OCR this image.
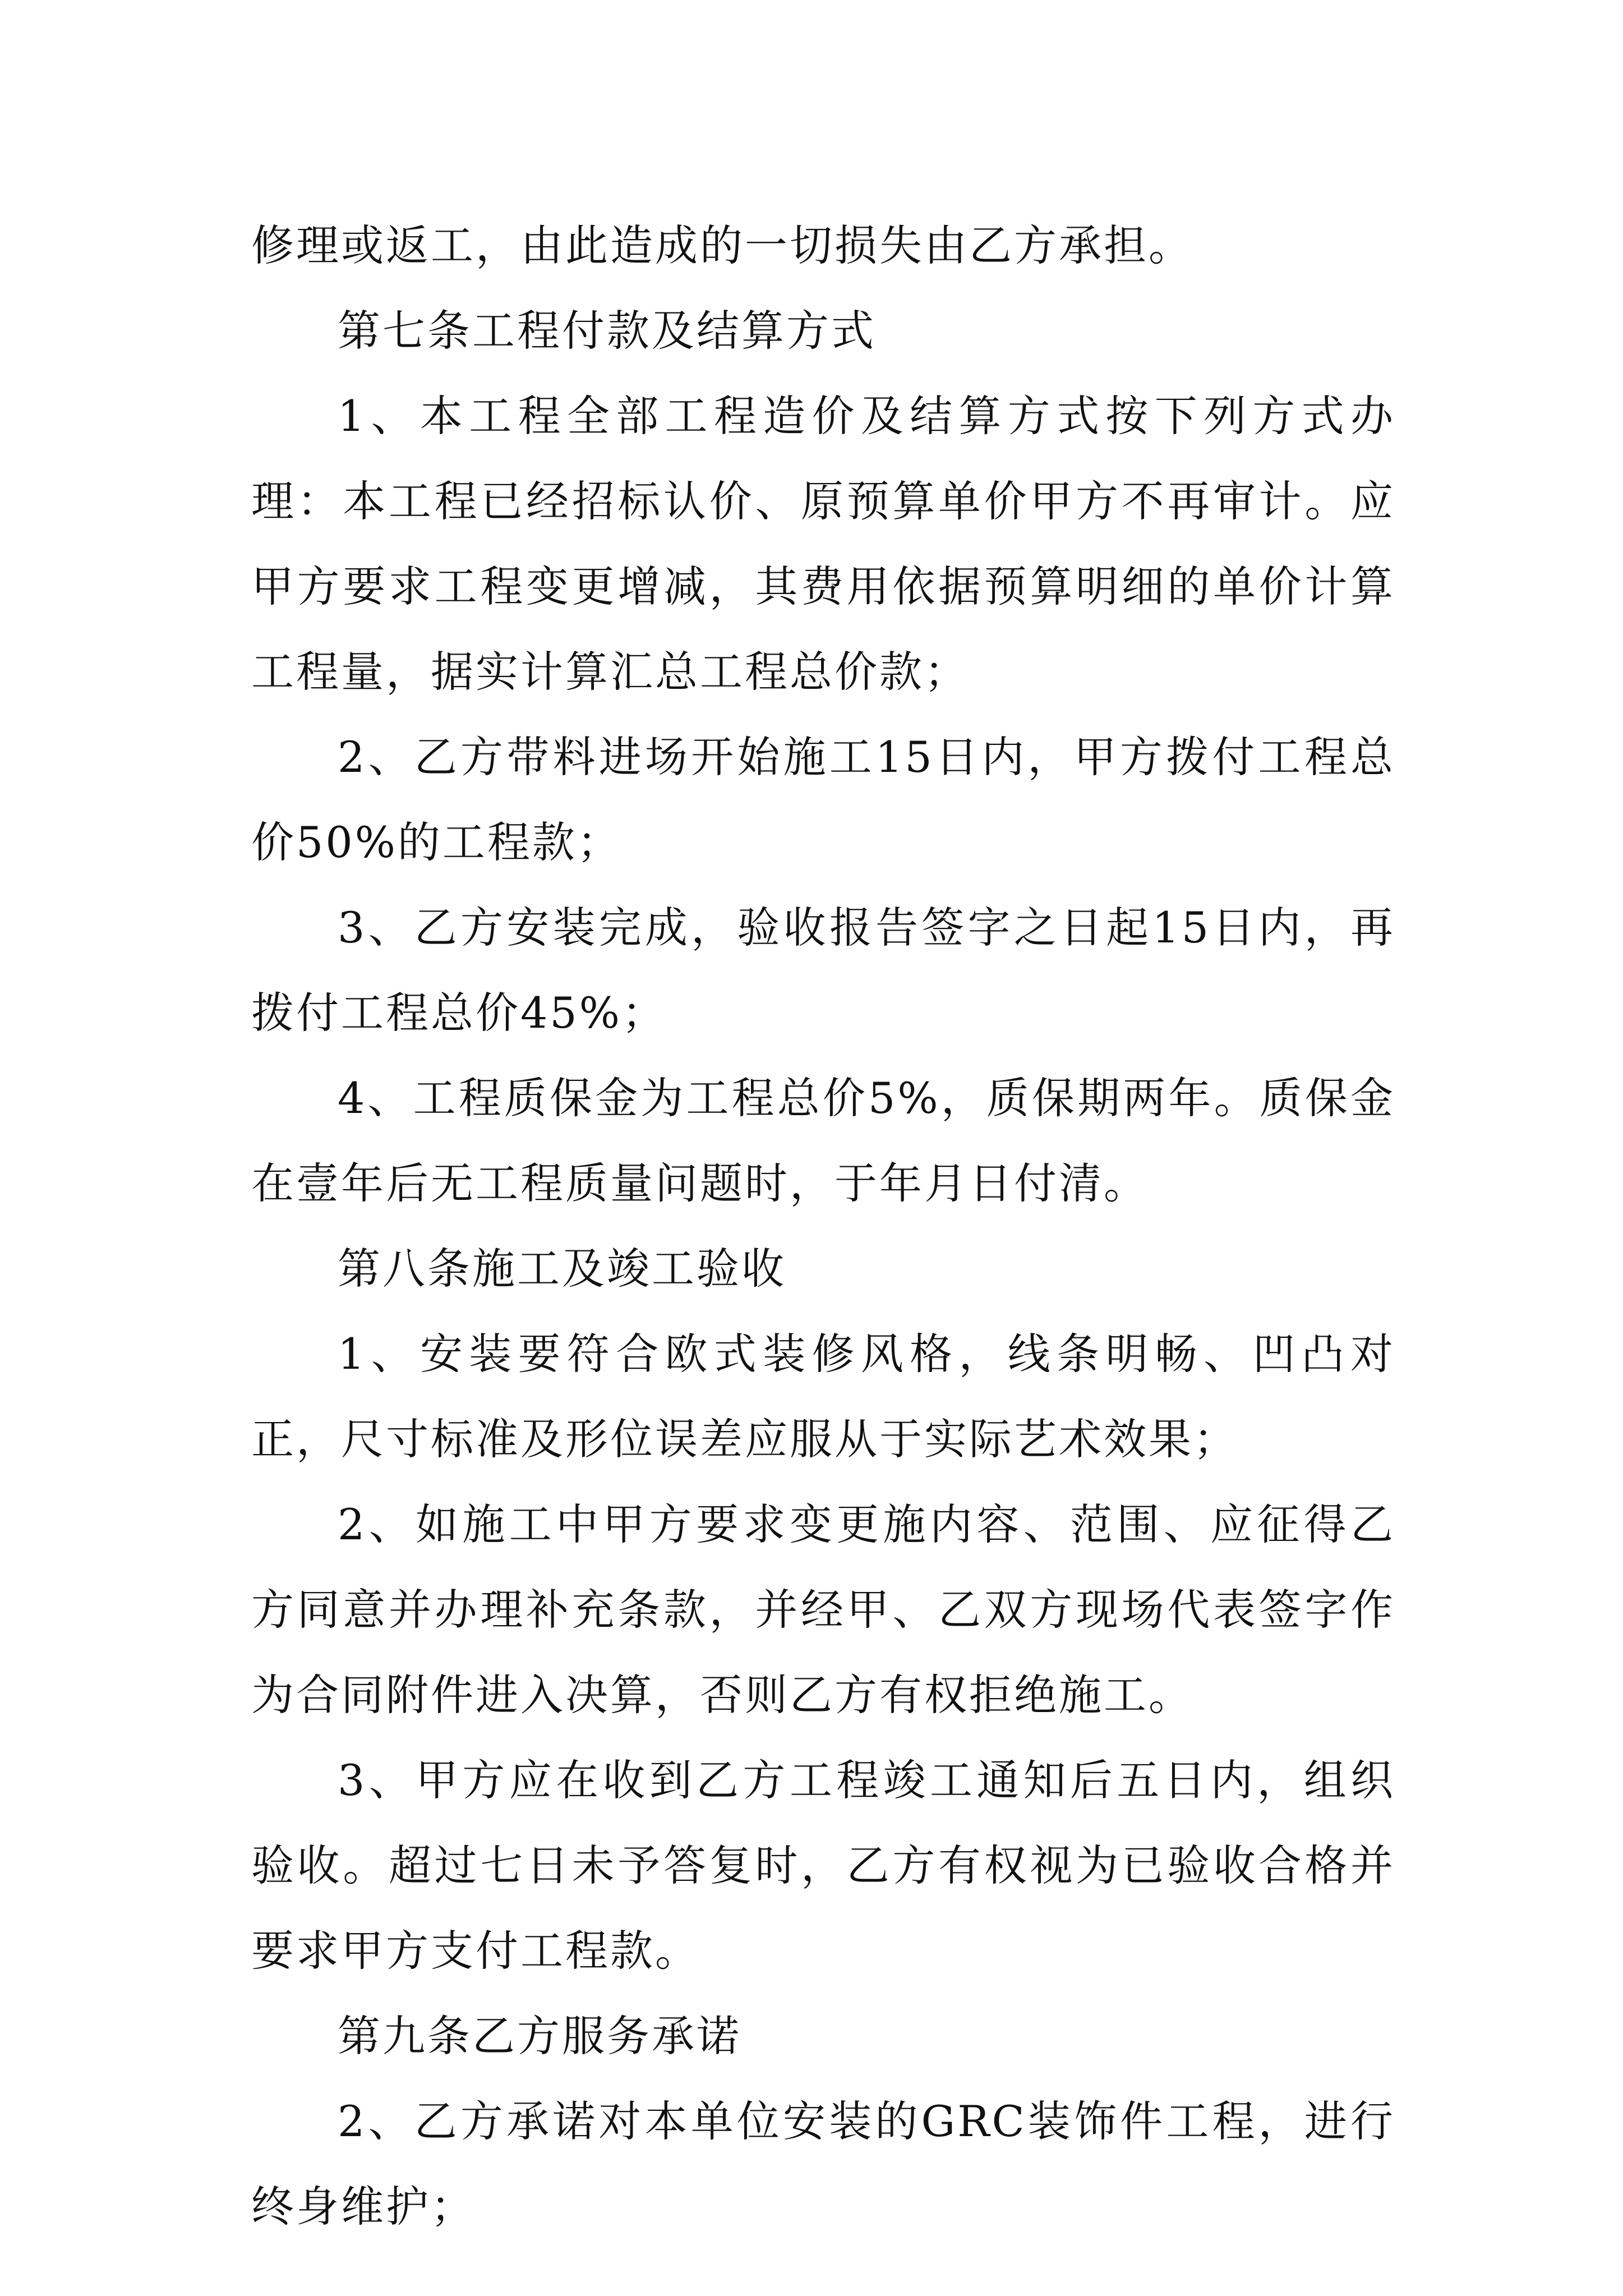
修理或返工，由此造成的一切损失由乙方承担。

第七条工程付款及结算方式

1、本工程全部工程造价及结算方式按下列方式办理：本工程已经招标认价、原预算单价甲方不再审计。应甲方要求工程变更增减，其费用依据预算明细的单价计算工程量，据实计算汇总工程总价款；

2、乙方带料进场开始施工15日内，甲方拨付工程总价50%的工程款；

3、乙方安装完成，验收报告签字之日起15日内，再拨付工程总价45%；

4、工程质保金为工程总价5%，质保期两年。质保金在壹年后无工程质量问题时，于年月日付清。

第八条施工及竣工验收

1、安装要符合欧式装修风格，线条明畅、凹凸对正，尺寸标准及形位误差应服从于实际艺术效果；

2、如施工中甲方要求变更施内容、范围、应征得乙方同意并办理补充条款，并经甲、乙双方现场代表签字作为合同附件进入决算，否则乙方有权拒绝施工。

3、甲方应在收到乙方工程竣工通知后五日内，组织验收。超过七日未予答复时，乙方有权视为已验收合格并要求甲方支付工程款。

第九条乙方服务承诺

2、乙方承诺对本单位安装的GRC装饰件工程，进行终身维护；
